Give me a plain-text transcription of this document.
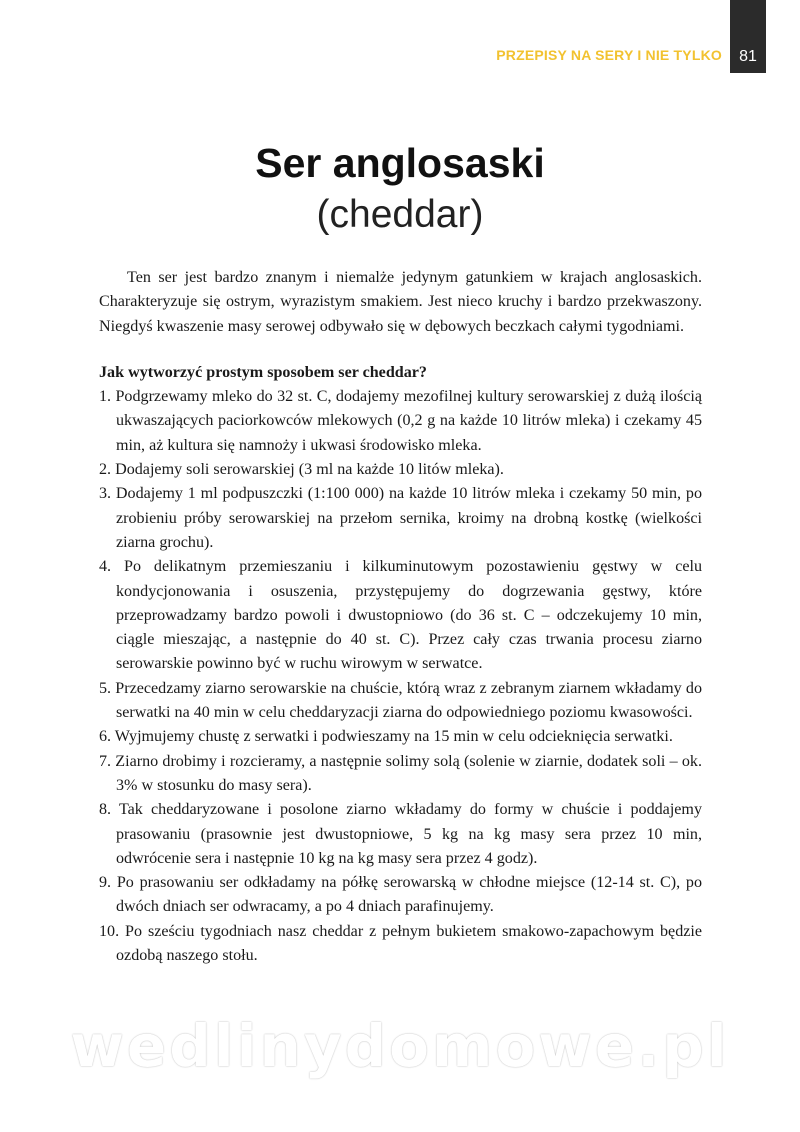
PRZEPISY NA SERY I NIE TYLKO 81
Ser anglosaski
(cheddar)

Ten ser jest bardzo znanym i niemalże jedynym gatunkiem w krajach anglosaskich. Charakteryzuje się ostrym, wyrazistym smakiem. Jest nieco kruchy i bardzo przekwaszony. Niegdyś kwaszenie masy serowej odbywało się w dębowych beczkach całymi tygodniami.

Jak wytworzyć prostym sposobem ser cheddar?

1. Podgrzewamy mleko do 32 st. C, dodajemy mezofilnej kultury serowarskiej z dużą ilością ukwaszających paciorkowców mlekowych (0,2 g na każde 10 litrów mleka) i czekamy 45 min, aż kultura się namnoży i ukwasi środowisko mleka.
2. Dodajemy soli serowarskiej (3 ml na każde 10 litów mleka).
3. Dodajemy 1 ml podpuszczki (1:100 000) na każde 10 litrów mleka i czekamy 50 min, po zrobieniu próby serowarskiej na przełom sernika, kroimy na drobną kostkę (wielkości ziarna grochu).
4. Po delikatnym przemieszaniu i kilkuminutowym pozostawieniu gęstwy w celu kondycjonowania i osuszenia, przystępujemy do dogrzewania gęstwy, które przeprowadzamy bardzo powoli i dwustopniowo (do 36 st. C – odczekujemy 10 min, ciągle mieszając, a następnie do 40 st. C). Przez cały czas trwania procesu ziarno serowarskie powinno być w ruchu wirowym w serwatce.
5. Przecedzamy ziarno serowarskie na chuście, którą wraz z zebranym ziarnem wkładamy do serwatki na 40 min w celu cheddaryzacji ziarna do odpowiedniego poziomu kwasowości.
6. Wyjmujemy chustę z serwatki i podwieszamy na 15 min w celu odcieknięcia serwatki.
7. Ziarno drobimy i rozcieramy, a następnie solimy solą (solenie w ziarnie, dodatek soli – ok. 3% w stosunku do masy sera).
8. Tak cheddaryzowane i posolone ziarno wkładamy do formy w chuście i poddajemy prasowaniu (prasownie jest dwustopniowe, 5 kg na kg masy sera przez 10 min, odwrócenie sera i następnie 10 kg na kg masy sera przez 4 godz).
9. Po prasowaniu ser odkładamy na półkę serowarską w chłodne miejsce (12-14 st. C), po dwóch dniach ser odwracamy, a po 4 dniach parafinujemy.
10. Po sześciu tygodniach nasz cheddar z pełnym bukietem smakowo-zapachowym będzie ozdobą naszego stołu.
wedlinydomowe.pl
